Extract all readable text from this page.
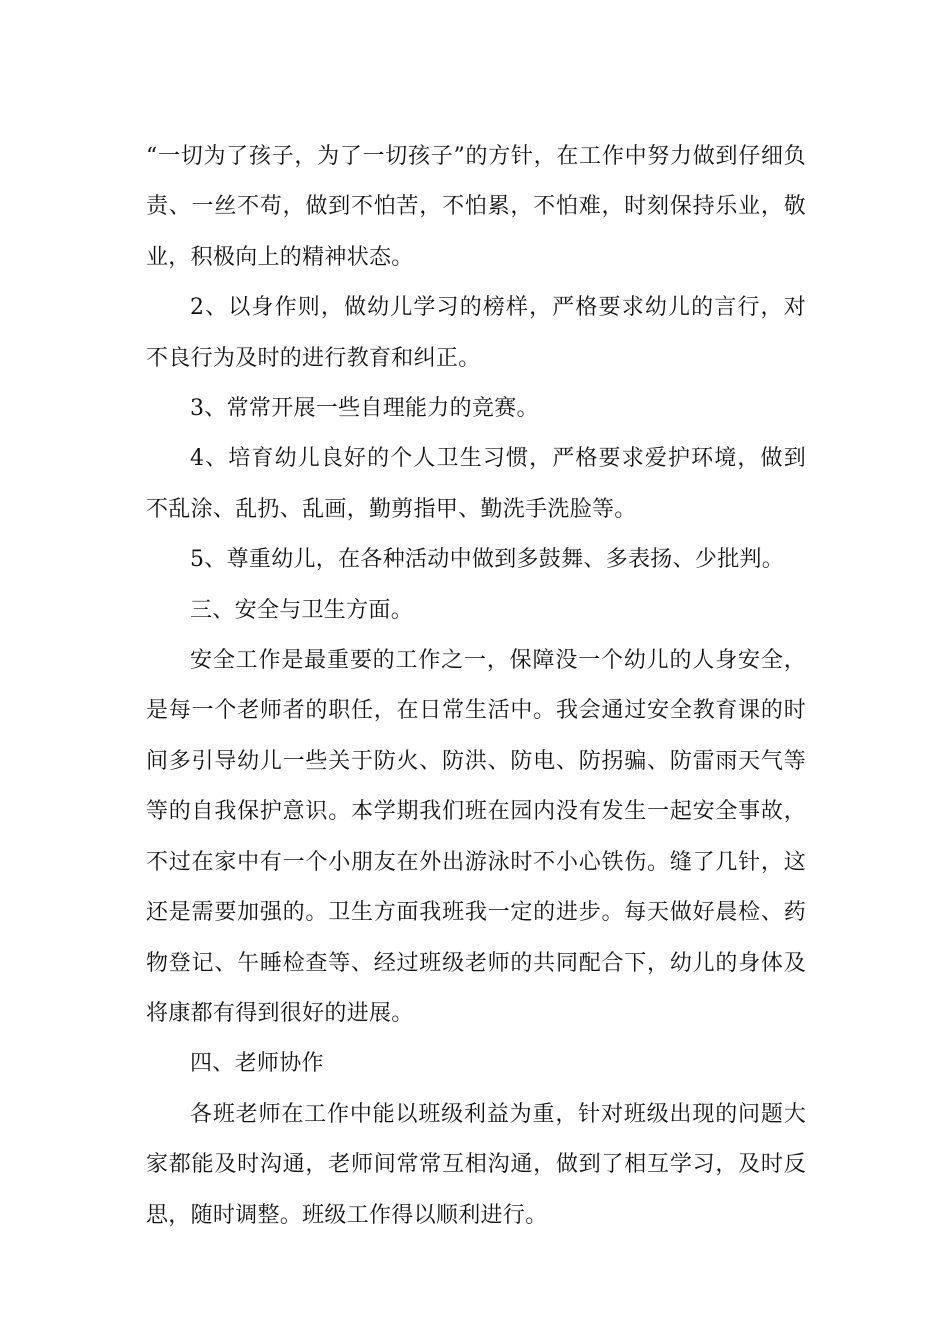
“一切为了孩子，为了一切孩子”的方针，在工作中努力做到仔细负责、一丝不苟，做到不怕苦，不怕累，不怕难，时刻保持乐业，敬业，积极向上的精神状态。

2、以身作则，做幼儿学习的榜样，严格要求幼儿的言行，对不良行为及时的进行教育和纠正。

3、常常开展一些自理能力的竞赛。

4、培育幼儿良好的个人卫生习惯，严格要求爱护环境，做到不乱涂、乱扔、乱画，勤剪指甲、勤洗手洗脸等。

5、尊重幼儿，在各种活动中做到多鼓舞、多表扬、少批判。

三、安全与卫生方面。

安全工作是最重要的工作之一，保障没一个幼儿的人身安全，是每一个老师者的职任，在日常生活中。我会通过安全教育课的时间多引导幼儿一些关于防火、防洪、防电、防拐骗、防雷雨天气等等的自我保护意识。本学期我们班在园内没有发生一起安全事故，不过在家中有一个小朋友在外出游泳时不小心铁伤。缝了几针，这还是需要加强的。卫生方面我班我一定的进步。每天做好晨检、药物登记、午睡检查等、经过班级老师的共同配合下，幼儿的身体及将康都有得到很好的进展。

四、老师协作

各班老师在工作中能以班级利益为重，针对班级出现的问题大家都能及时沟通，老师间常常互相沟通，做到了相互学习，及时反思，随时调整。班级工作得以顺利进行。
